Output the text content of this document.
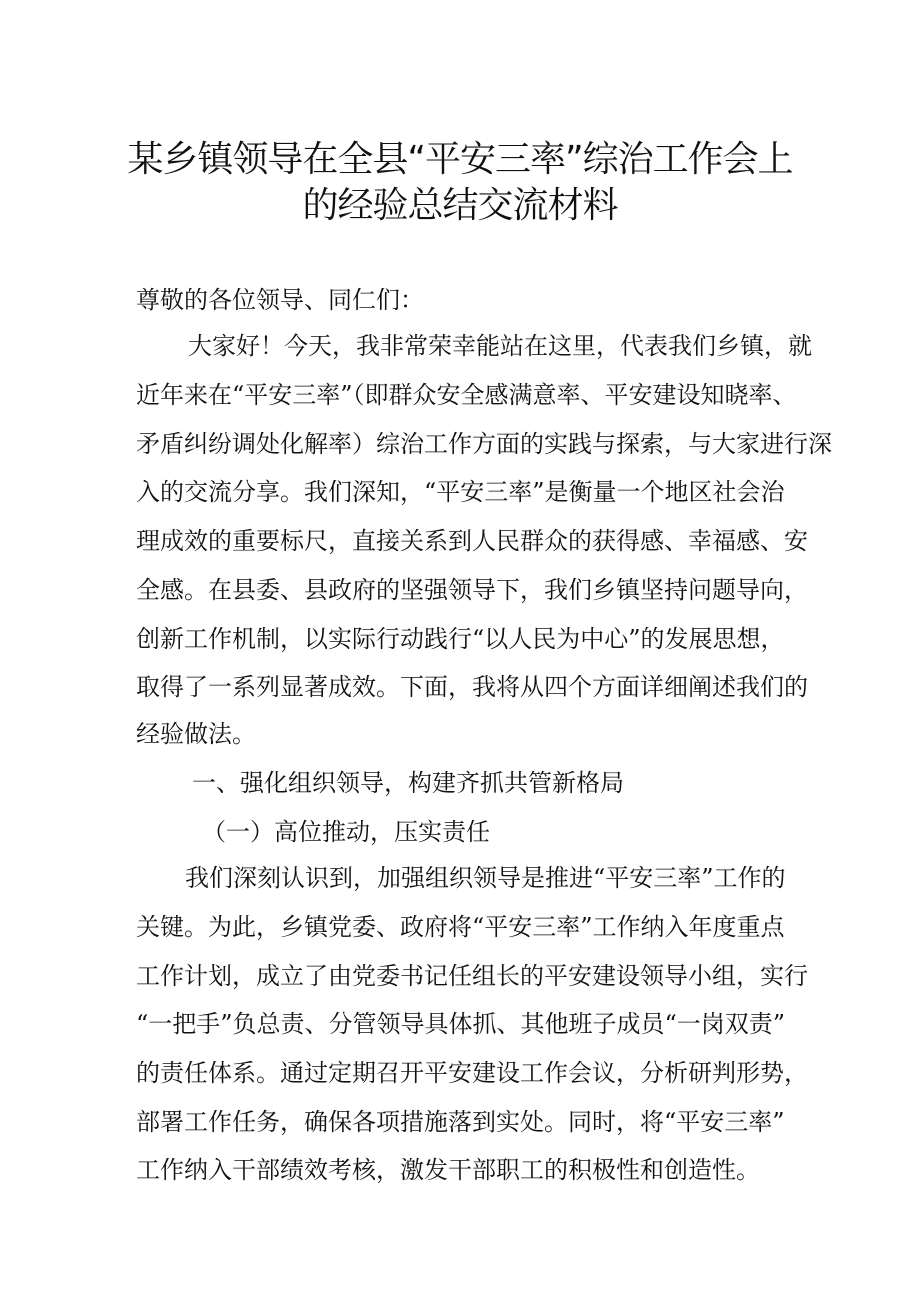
某乡镇领导在全县“平安三率”综治工作会上
的经验总结交流材料
尊敬的各位领导、同仁们：
大家好！今天，我非常荣幸能站在这里，代表我们乡镇，就
近年来在“平安三率”（即群众安全感满意率、平安建设知晓率、
矛盾纠纷调处化解率）综治工作方面的实践与探索，与大家进行深
入的交流分享。我们深知，“平安三率”是衡量一个地区社会治
理成效的重要标尺，直接关系到人民群众的获得感、幸福感、安
全感。在县委、县政府的坚强领导下，我们乡镇坚持问题导向，
创新工作机制，以实际行动践行“以人民为中心”的发展思想，
取得了一系列显著成效。下面，我将从四个方面详细阐述我们的
经验做法。
一、强化组织领导，构建齐抓共管新格局
（一）高位推动，压实责任
我们深刻认识到，加强组织领导是推进“平安三率”工作的
关键。为此，乡镇党委、政府将“平安三率”工作纳入年度重点
工作计划，成立了由党委书记任组长的平安建设领导小组，实行
“一把手”负总责、分管领导具体抓、其他班子成员“一岗双责”
的责任体系。通过定期召开平安建设工作会议，分析研判形势，
部署工作任务，确保各项措施落到实处。同时，将“平安三率”
工作纳入干部绩效考核，激发干部职工的积极性和创造性。
